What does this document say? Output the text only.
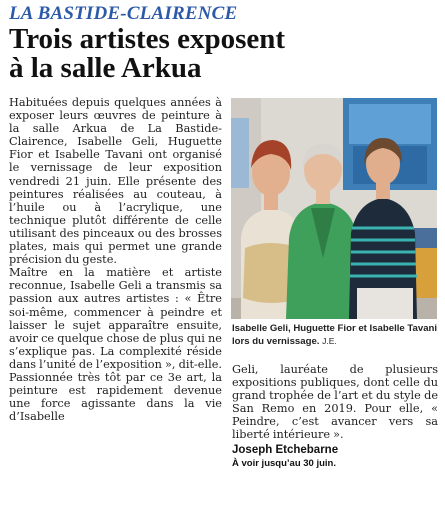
LA BASTIDE-CLAIRENCE
Trois artistes exposent
à la salle Arkua

Habituées depuis quelques années à exposer leurs œuvres de peinture à la salle Arkua de La Bastide-Clairence, Isabelle Geli, Huguette Fior et Isabelle Tavani ont organisé le vernissage de leur exposition vendredi 21 juin. Elle présente des peintures réalisées au couteau, à l’huile ou à l’acrylique, une technique plutôt différente de celle utilisant des pinceaux ou des brosses plates, mais qui permet une grande précision du geste.

Maître en la matière et artiste reconnue, Isabelle Geli a transmis sa passion aux autres artistes : « Être soi-même, commencer à peindre et laisser le sujet apparaître ensuite, avoir ce quelque chose de plus qui ne s’explique pas. La complexité réside dans l’unité de l’exposition », dit-elle. Passionnée très tôt par ce 3e art, la peinture est rapidement devenue une force agissante dans la vie d’Isabelle

Isabelle Geli, Huguette Fior et Isabelle Tavani lors du vernissage. J.E.

Geli, lauréate de plusieurs expositions publiques, dont celle du grand trophée de l’art et du style de San Remo en 2019. Pour elle, « Peindre, c’est avancer vers sa liberté intérieure ».

Joseph Etchebarne
À voir jusqu’au 30 juin.
